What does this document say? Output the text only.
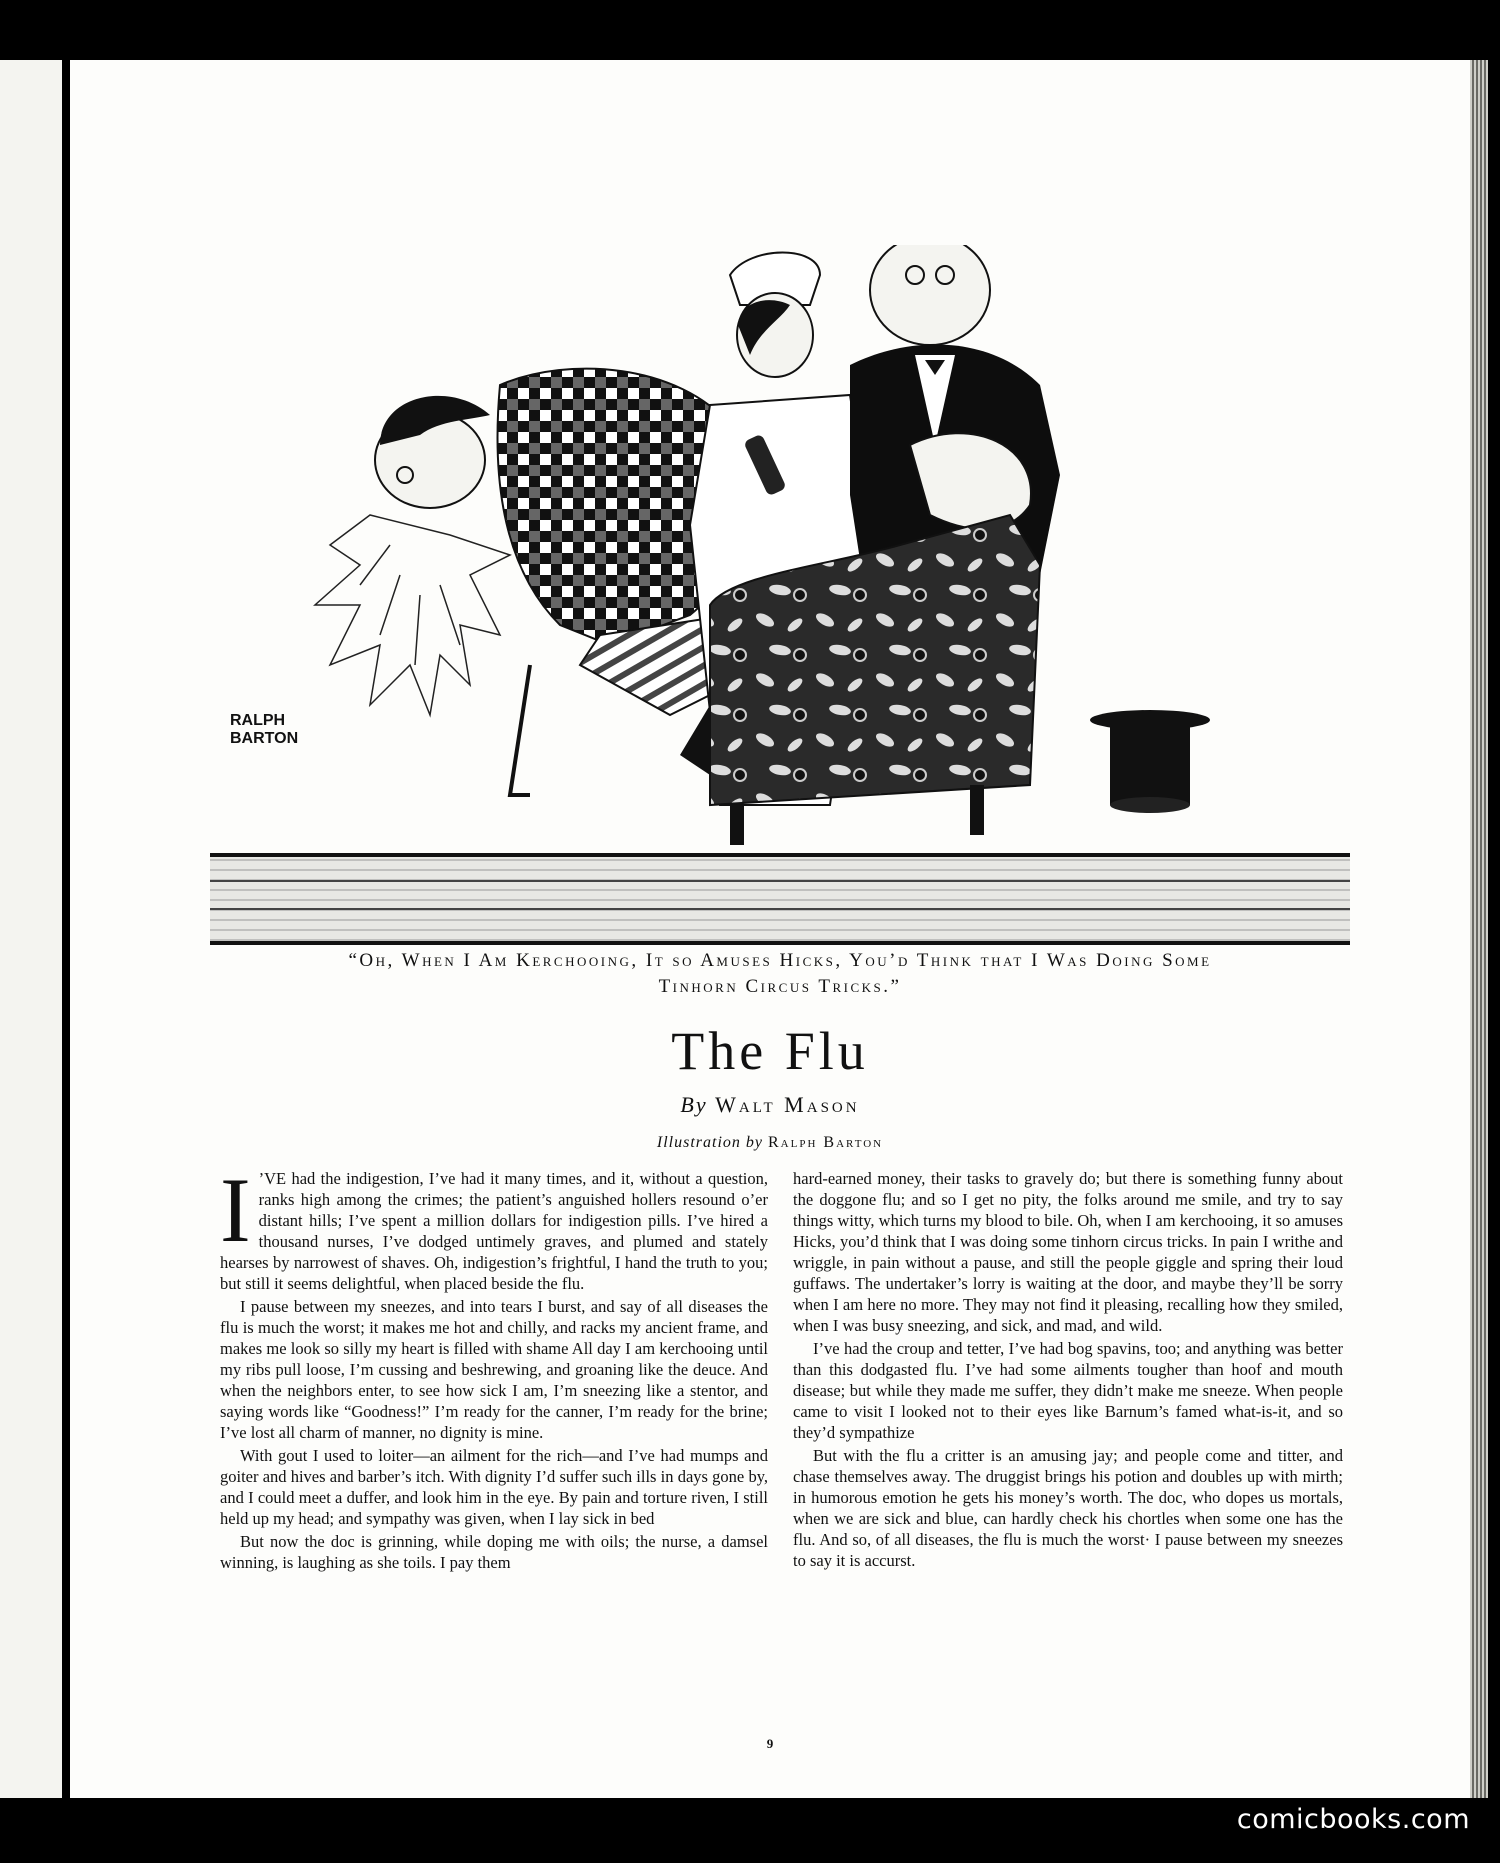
RALPH
BARTON
“Oh, When I Am Kerchooing, It so Amuses Hicks, You’d Think that I Was Doing Some
Tinhorn Circus Tricks.”
The Flu
By Walt Mason
Illustration by Ralph Barton

I ’VE had the indigestion, I’ve had it many times, and it, without a question, ranks high among the crimes; the patient’s anguished hollers resound o’er distant hills; I’ve spent a million dollars for indigestion pills. I’ve hired a thousand nurses, I’ve dodged untimely graves, and plumed and stately hearses by narrowest of shaves. Oh, indigestion’s frightful, I hand the truth to you; but still it seems delightful, when placed beside the flu.

I pause between my sneezes, and into tears I burst, and say of all diseases the flu is much the worst; it makes me hot and chilly, and racks my ancient frame, and makes me look so silly my heart is filled with shame All day I am kerchooing until my ribs pull loose, I’m cussing and beshrewing, and groaning like the deuce. And when the neighbors enter, to see how sick I am, I’m sneezing like a stentor, and saying words like “Goodness!” I’m ready for the canner, I’m ready for the brine; I’ve lost all charm of manner, no dignity is mine.

With gout I used to loiter—an ailment for the rich—and I’ve had mumps and goiter and hives and barber’s itch. With dignity I’d suffer such ills in days gone by, and I could meet a duffer, and look him in the eye. By pain and torture riven, I still held up my head; and sympathy was given, when I lay sick in bed

But now the doc is grinning, while doping me with oils; the nurse, a damsel winning, is laughing as she toils. I pay them

hard-earned money, their tasks to gravely do; but there is something funny about the doggone flu; and so I get no pity, the folks around me smile, and try to say things witty, which turns my blood to bile. Oh, when I am kerchooing, it so amuses Hicks, you’d think that I was doing some tinhorn circus tricks. In pain I writhe and wriggle, in pain without a pause, and still the people giggle and spring their loud guffaws. The undertaker’s lorry is waiting at the door, and maybe they’ll be sorry when I am here no more. They may not find it pleasing, recalling how they smiled, when I was busy sneezing, and sick, and mad, and wild.

I’ve had the croup and tetter, I’ve had bog spavins, too; and anything was better than this dodgasted flu. I’ve had some ailments tougher than hoof and mouth disease; but while they made me suffer, they didn’t make me sneeze. When people came to visit I looked not to their eyes like Barnum’s famed what-is-it, and so they’d sympathize

But with the flu a critter is an amusing jay; and people come and titter, and chase themselves away. The druggist brings his potion and doubles up with mirth; in humorous emotion he gets his money’s worth. The doc, who dopes us mortals, when we are sick and blue, can hardly check his chortles when some one has the flu. And so, of all diseases, the flu is much the worst· I pause between my sneezes to say it is accurst.

9
comicbooks.com
